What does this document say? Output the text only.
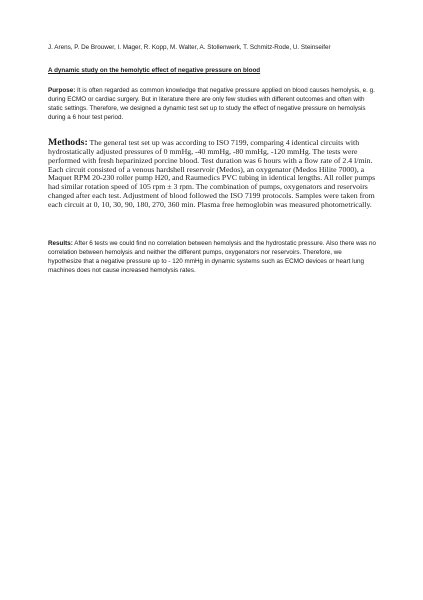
J. Arens, P. De Brouwer, I. Mager, R. Kopp, M. Walter, A. Stollenwerk, T. Schmitz-Rode, U. Steinseifer
A dynamic study on the hemolytic effect of negative pressure on blood

Purpose: It is often regarded as common knowledge that negative pressure applied on blood causes hemolysis, e. g. during ECMO or cardiac surgery. But in literature there are only few studies with different outcomes and often with static settings. Therefore, we designed a dynamic test set up to study the effect of negative pressure on hemolysis during a 6 hour test period.

Methods: The general test set up was according to ISO 7199, comparing 4 identical circuits with hydrostatically adjusted pressures of 0 mmHg, -40 mmHg, -80 mmHg, -120 mmHg. The tests were performed with fresh heparinized porcine blood. Test duration was 6 hours with a flow rate of 2.4 l/min. Each circuit consisted of a venous hardshell reservoir (Medos), an oxygenator (Medos Hilite 7000), a Maquet RPM 20-230 roller pump H20, and Raumedics PVC tubing in identical lengths. All roller pumps had similar rotation speed of 105 rpm ± 3 rpm. The combination of pumps, oxygenators and reservoirs changed after each test. Adjustment of blood followed the ISO 7199 protocols. Samples were taken from each circuit at 0, 10, 30, 90, 180, 270, 360 min. Plasma free hemoglobin was measured photometrically.

Results: After 6 tests we could find no correlation between hemolysis and the hydrostatic pressure. Also there was no correlation between hemolysis and neither the different pumps, oxygenators nor reservoirs. Therefore, we hypothesize that a negative pressure up to - 120 mmHg in dynamic systems such as ECMO devices or heart lung machines does not cause increased hemolysis rates.
